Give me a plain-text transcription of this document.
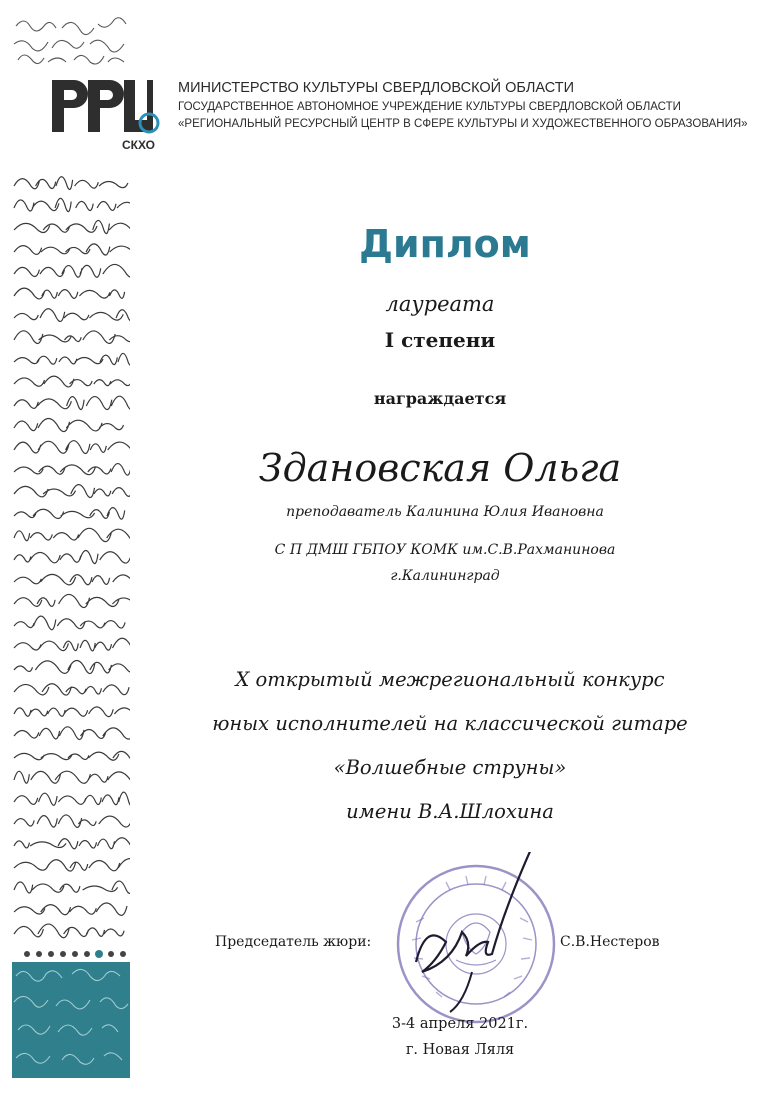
СКХО
МИНИСТЕРСТВО КУЛЬТУРЫ СВЕРДЛОВСКОЙ ОБЛАСТИ
ГОСУДАРСТВЕННОЕ АВТОНОМНОЕ УЧРЕЖДЕНИЕ КУЛЬТУРЫ СВЕРДЛОВСКОЙ ОБЛАСТИ
«РЕГИОНАЛЬНЫЙ РЕСУРСНЫЙ ЦЕНТР В СФЕРЕ КУЛЬТУРЫ И ХУДОЖЕСТВЕННОГО ОБРАЗОВАНИЯ»
Диплом
лауреата
I степени
награждается
Здановская Ольга
преподаватель Калинина Юлия Ивановна
С П ДМШ ГБПОУ КОМК им.С.В.Рахманинова
г.Калининград
Х открытый межрегиональный конкурс
юных исполнителей на классической гитаре
«Волшебные струны»
имени В.А.Шлохина
Председатель жюри:	С.В.Нестеров
3-4 апреля 2021г.
г. Новая Ляля
